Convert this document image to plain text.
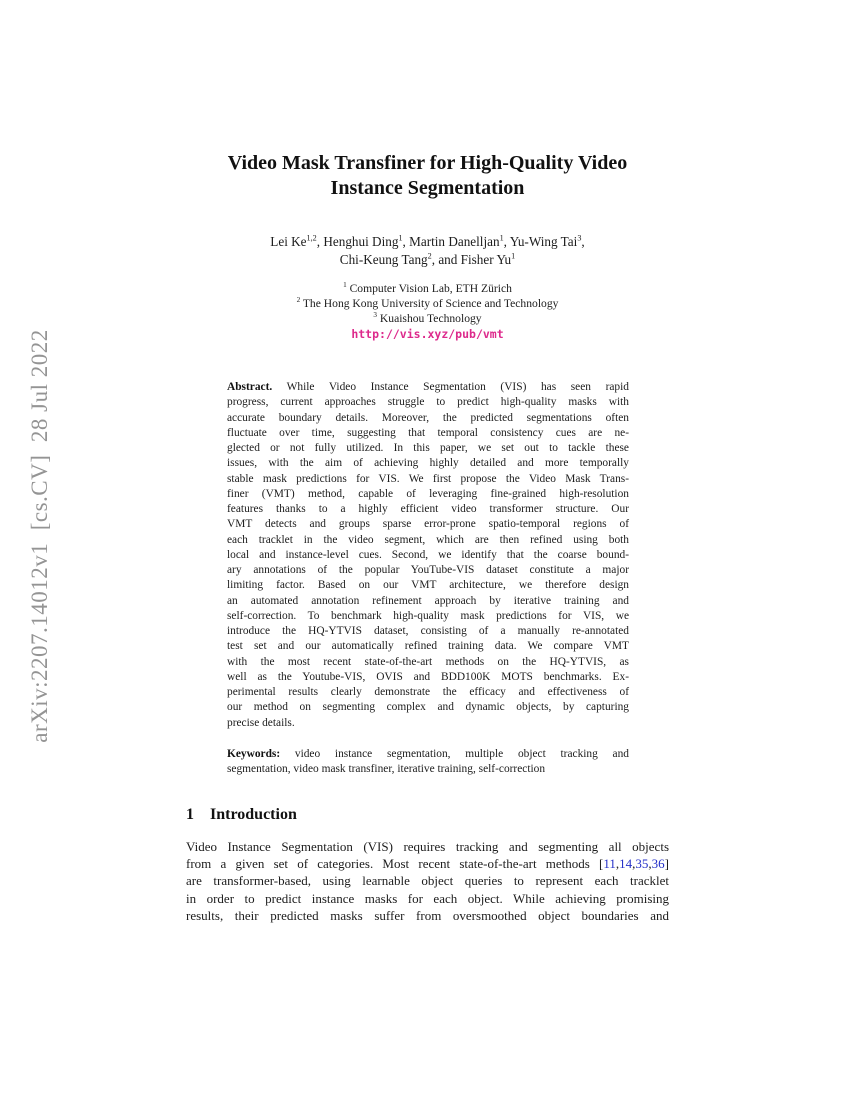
arXiv:2207.14012v1  [cs.CV]  28 Jul 2022
Video Mask Transfiner for High-Quality Video
Instance Segmentation
Lei Ke$^{1,2}$, Henghui Ding$^1$, Martin Danelljan$^1$, Yu-Wing Tai$^3$,
Chi-Keung Tang$^2$, and Fisher Yu$^1$
$^1$ Computer Vision Lab, ETH Zürich
$^2$ The Hong Kong University of Science and Technology
$^3$ Kuaishou Technology
http://vis.xyz/pub/vmt
Abstract. While Video Instance Segmentation (VIS) has seen rapid
progress, current approaches struggle to predict high-quality masks with
accurate boundary details. Moreover, the predicted segmentations often
fluctuate over time, suggesting that temporal consistency cues are ne-
glected or not fully utilized. In this paper, we set out to tackle these
issues, with the aim of achieving highly detailed and more temporally
stable mask predictions for VIS. We first propose the Video Mask Trans-
finer (VMT) method, capable of leveraging fine-grained high-resolution
features thanks to a highly efficient video transformer structure. Our
VMT detects and groups sparse error-prone spatio-temporal regions of
each tracklet in the video segment, which are then refined using both
local and instance-level cues. Second, we identify that the coarse bound-
ary annotations of the popular YouTube-VIS dataset constitute a major
limiting factor. Based on our VMT architecture, we therefore design
an automated annotation refinement approach by iterative training and
self-correction. To benchmark high-quality mask predictions for VIS, we
introduce the HQ-YTVIS dataset, consisting of a manually re-annotated
test set and our automatically refined training data. We compare VMT
with the most recent state-of-the-art methods on the HQ-YTVIS, as
well as the Youtube-VIS, OVIS and BDD100K MOTS benchmarks. Ex-
perimental results clearly demonstrate the efficacy and effectiveness of
our method on segmenting complex and dynamic objects, by capturing
precise details.
Keywords: video instance segmentation, multiple object tracking and
segmentation, video mask transfiner, iterative training, self-correction
1 Introduction
Video Instance Segmentation (VIS) requires tracking and segmenting all objects
from a given set of categories. Most recent state-of-the-art methods [11,14,35,36]
are transformer-based, using learnable object queries to represent each tracklet
in order to predict instance masks for each object. While achieving promising
results, their predicted masks suffer from oversmoothed object boundaries and
